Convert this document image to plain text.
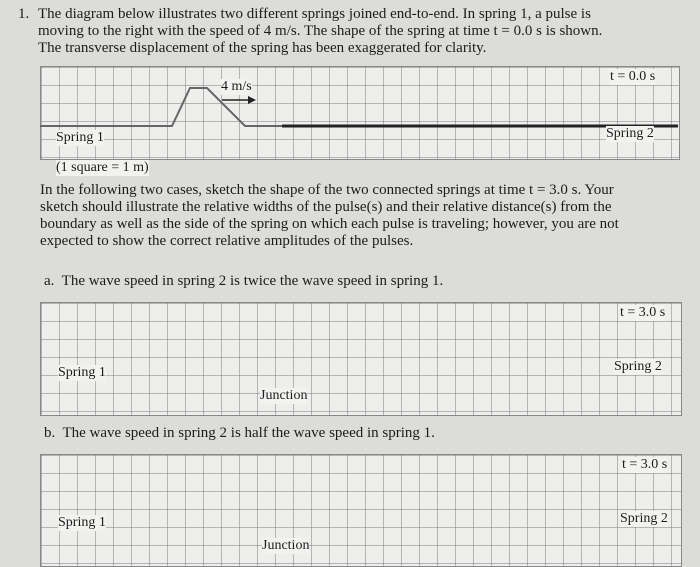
1. The diagram below illustrates two different springs joined end-to-end. In spring 1, a pulse is

moving to the right with the speed of 4 m/s. The shape of the spring at time t = 0.0 s is shown.

The transverse displacement of the spring has been exaggerated for clarity.

4 m/s
t = 0.0 s
Spring 1	Spring 2
(1 square = 1 m)

In the following two cases, sketch the shape of the two connected springs at time t = 3.0 s. Your

sketch should illustrate the relative widths of the pulse(s) and their relative distance(s) from the

boundary as well as the side of the spring on which each pulse is traveling; however, you are not

expected to show the correct relative amplitudes of the pulses.

a. The wave speed in spring 2 is twice the wave speed in spring 1.
t = 3.0 s
Spring 1	Spring 2
Junction
b. The wave speed in spring 2 is half the wave speed in spring 1.
t = 3.0 s
Spring 1	Spring 2
Junction
